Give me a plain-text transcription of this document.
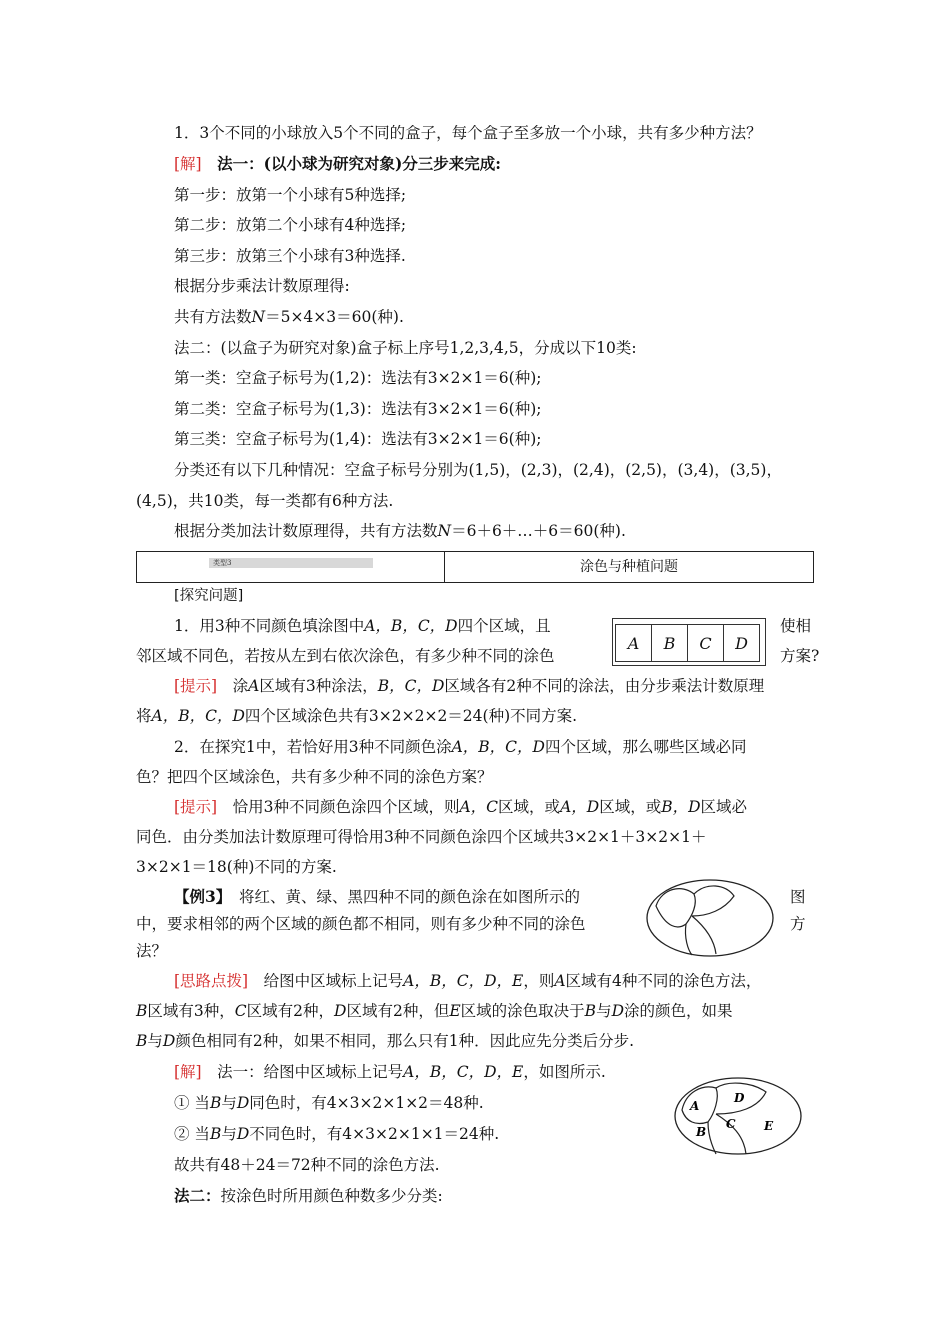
1．3个不同的小球放入5个不同的盒子，每个盒子至多放一个小球，共有多少种方法？
[解]　法一：(以小球为研究对象)分三步来完成:
第一步：放第一个小球有5种选择;
第二步：放第二个小球有4种选择;
第三步：放第三个小球有3种选择.
根据分步乘法计数原理得:
共有方法数N＝5×4×3＝60(种).
法二：(以盒子为研究对象)盒子标上序号1,2,3,4,5，分成以下10类:
第一类：空盒子标号为(1,2)：选法有3×2×1＝6(种);
第二类：空盒子标号为(1,3)：选法有3×2×1＝6(种);
第三类：空盒子标号为(1,4)：选法有3×2×1＝6(种);
分类还有以下几种情况：空盒子标号分别为(1,5)，(2,3)，(2,4)，(2,5)，(3,4)，(3,5)，
(4,5)，共10类，每一类都有6种方法.
根据分类加法计数原理得，共有方法数N＝6＋6＋…＋6＝60(种).
类型3	涂色与种植问题
[探究问题]
1．用3种不同颜色填涂图中A，B，C，D四个区域，且	使相
邻区域不同色，若按从左到右依次涂色，有多少种不同的涂色	方案?
A	B	C	D
[提示]　涂A区域有3种涂法，B，C，D区域各有2种不同的涂法，由分步乘法计数原理
将A，B，C，D四个区域涂色共有3×2×2×2＝24(种)不同方案.
2．在探究1中，若恰好用3种不同颜色涂A，B，C，D四个区域，那么哪些区域必同
色？把四个区域涂色，共有多少种不同的涂色方案？
[提示]　恰用3种不同颜色涂四个区域，则A，C区域，或A，D区域，或B，D区域必
同色．由分类加法计数原理可得恰用3种不同颜色涂四个区域共3×2×1＋3×2×1＋
3×2×1＝18(种)不同的方案.
【例3】　将红、黄、绿、黑四种不同的颜色涂在如图所示的	图
中，要求相邻的两个区域的颜色都不相同，则有多少种不同的涂色	方
法？
[思路点拨]　给图中区域标上记号A，B，C，D，E，则A区域有4种不同的涂色方法，
B区域有3种，C区域有2种，D区域有2种，但E区域的涂色取决于B与D涂的颜色，如果
B与D颜色相同有2种，如果不相同，那么只有1种．因此应先分类后分步.
[解]　法一：给图中区域标上记号A，B，C，D，E，如图所示.
① 当B与D同色时，有4×3×2×1×2＝48种.
② 当B与D不同色时，有4×3×2×1×1＝24种.
故共有48＋24＝72种不同的涂色方法.
法二：按涂色时所用颜色种数多少分类:
A
D
B
C E
